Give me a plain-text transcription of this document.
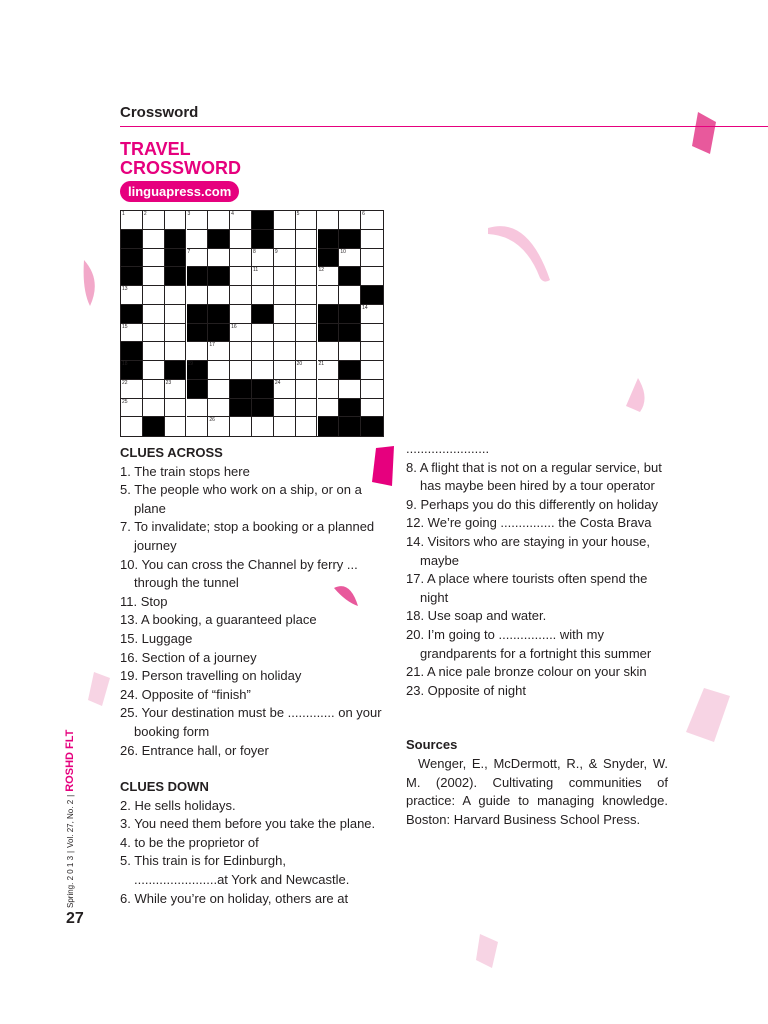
Crossword
TRAVEL
CROSSWORD
linguapress.com
1	2	3	4	5	6
7	8	9	10
11	12
13
14
15	16
17
18	19	20	21
22	23	24
25
26
CLUES ACROSS
1. The train stops here
5. The people who work on a ship, or on a plane
7. To invalidate; stop a booking or a planned journey
10. You can cross the Channel by ferry ... through the tunnel
11. Stop
13. A booking, a guaranteed place
15. Luggage
16. Section of a journey
19. Person travelling on holiday
24. Opposite of “finish”
25. Your destination must be ............. on your booking form
26. Entrance hall, or foyer
CLUES DOWN
2. He sells holidays.
3. You need them before you take the plane.
4. to be the proprietor of
5. This train is for Edinburgh, .......................at York and Newcastle.
6. While you’re on holiday, others are at
.......................
8. A flight that is not on a regular service, but has maybe been hired by a tour operator
9. Perhaps you do this differently on holiday
12. We’re going ............... the Costa Brava
14. Visitors who are staying in your house, maybe
17. A place where tourists often spend the night
18. Use soap and water.
20. I’m going to ................ with my grandparents for a fortnight this summer
21. A nice pale bronze colour on your skin
23. Opposite of night
Sources
Wenger, E., McDermott, R., & Snyder, W. M. (2002). Cultivating communities of practice: A guide to managing knowledge. Boston: Harvard Business School Press.
27
Spring. 2 0 1 3
|
Vol. 27, No. 2
|
ROSHD FLT
